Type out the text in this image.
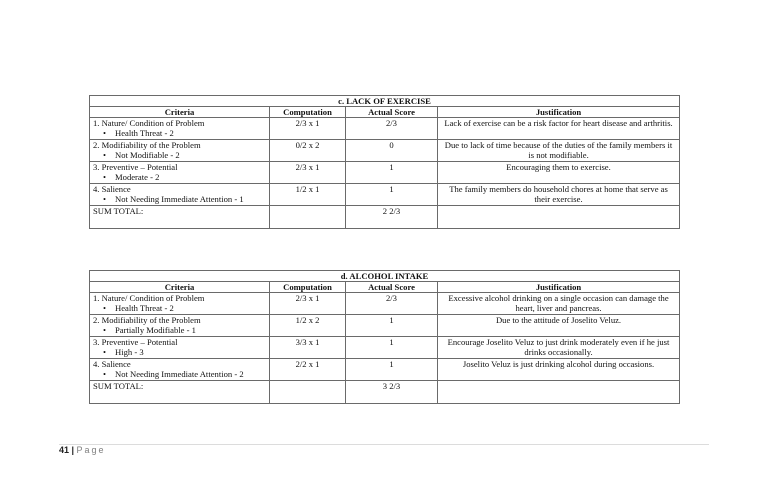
c. LACK OF EXERCISE			
Criteria	Computation	Actual Score	Justification
1. Nature/ Condition of Problem
• Health Threat - 2	2/3 x 1	2/3	Lack of exercise can be a risk factor for heart disease and arthritis.
2. Modifiability of the Problem
• Not Modifiable - 2	0/2 x 2	0	Due to lack of time because of the duties of the family members it is not modifiable.
3. Preventive – Potential
• Moderate - 2	2/3 x 1	1	Encouraging them to exercise.
4. Salience
• Not Needing Immediate Attention - 1	1/2 x 1	1	The family members do household chores at home that serve as their exercise.
SUM TOTAL:		2 2/3	
d. ALCOHOL INTAKE			
Criteria	Computation	Actual Score	Justification
1. Nature/ Condition of Problem
• Health Threat - 2	2/3 x 1	2/3	Excessive alcohol drinking on a single occasion can damage the heart, liver and pancreas.
2. Modifiability of the Problem
• Partially Modifiable - 1	1/2 x 2	1	Due to the attitude of Joselito Veluz.
3. Preventive – Potential
• High - 3	3/3 x 1	1	Encourage Joselito Veluz to just drink moderately even if he just drinks occasionally.
4. Salience
• Not Needing Immediate Attention - 2	2/2 x 1	1	Joselito Veluz is just drinking alcohol during occasions.
SUM TOTAL:		3 2/3	
41 | Page
